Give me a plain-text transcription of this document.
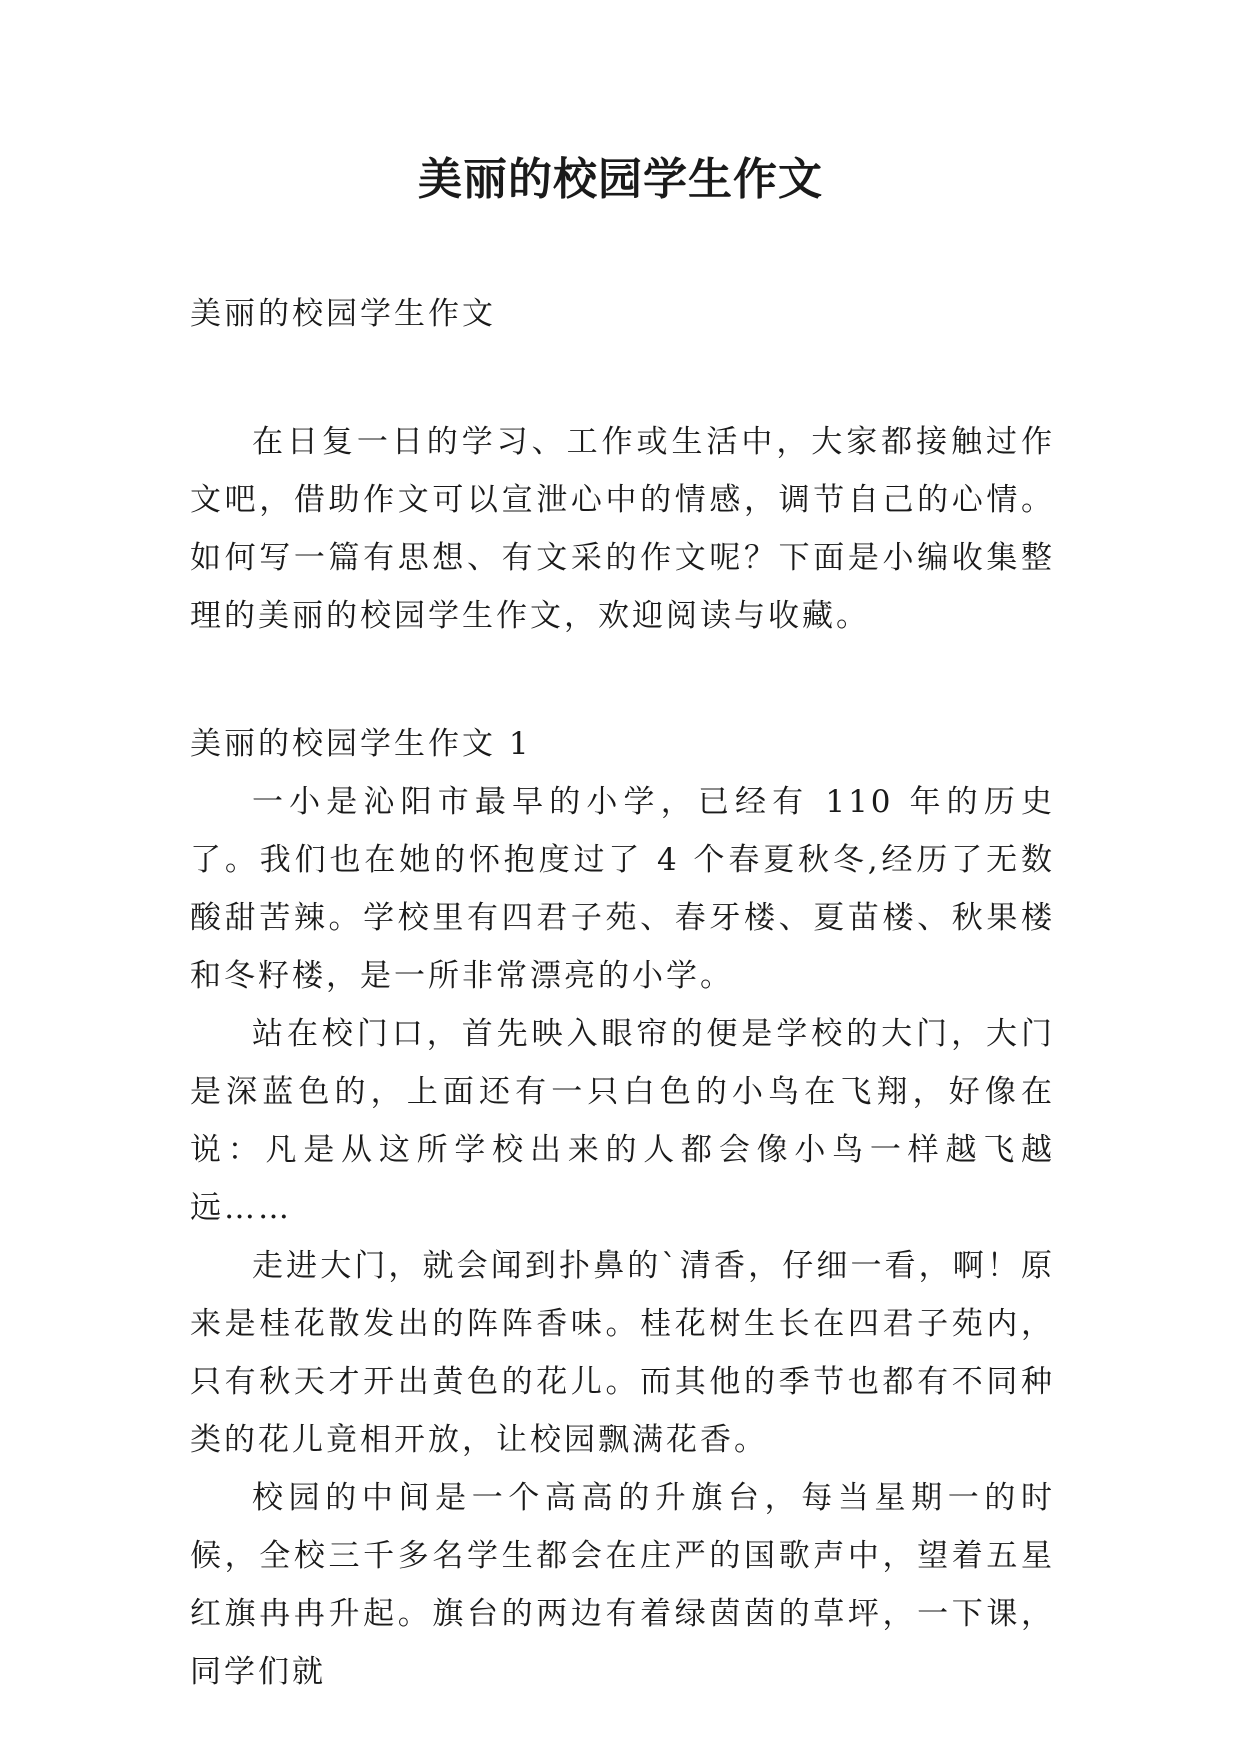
美丽的校园学生作文

美丽的校园学生作文

在日复一日的学习、工作或生活中，大家都接触过作文吧，借助作文可以宣泄心中的情感，调节自己的心情。如何写一篇有思想、有文采的作文呢？下面是小编收集整理的美丽的校园学生作文，欢迎阅读与收藏。

美丽的校园学生作文 1

一小是沁阳市最早的小学，已经有 110 年的历史了。我们也在她的怀抱度过了 4 个春夏秋冬,经历了无数酸甜苦辣。学校里有四君子苑、春牙楼、夏苗楼、秋果楼和冬籽楼，是一所非常漂亮的小学。

站在校门口，首先映入眼帘的便是学校的大门，大门是深蓝色的，上面还有一只白色的小鸟在飞翔，好像在说：凡是从这所学校出来的人都会像小鸟一样越飞越远……

走进大门，就会闻到扑鼻的`清香，仔细一看，啊！原来是桂花散发出的阵阵香味。桂花树生长在四君子苑内，只有秋天才开出黄色的花儿。而其他的季节也都有不同种类的花儿竟相开放，让校园飘满花香。

校园的中间是一个高高的升旗台，每当星期一的时候，全校三千多名学生都会在庄严的国歌声中，望着五星红旗冉冉升起。旗台的两边有着绿茵茵的草坪，一下课，同学们就
